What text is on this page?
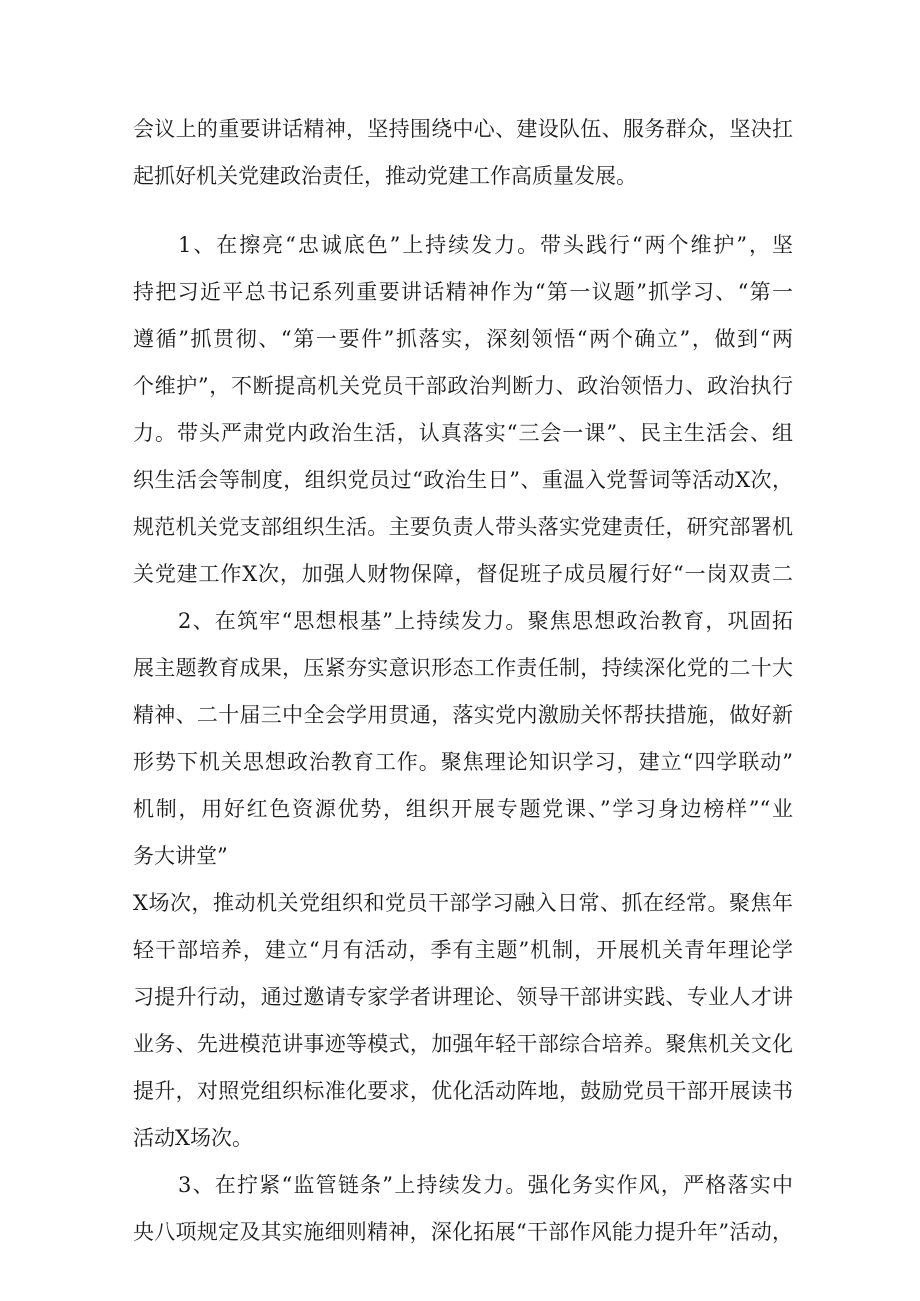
会议上的重要讲话精神，坚持围绕中心、建设队伍、服务群众，坚决扛

起抓好机关党建政治责任，推动党建工作高质量发展。

1、在擦亮“忠诚底色”上持续发力。带头践行“两个维护”，坚

持把习近平总书记系列重要讲话精神作为“第一议题”抓学习、“第一

遵循”抓贯彻、“第一要件”抓落实，深刻领悟“两个确立”，做到“两

个维护”，不断提高机关党员干部政治判断力、政治领悟力、政治执行

力。带头严肃党内政治生活，认真落实“三会一课”、民主生活会、组

织生活会等制度，组织党员过“政治生日”、重温入党誓词等活动X次，

规范机关党支部组织生活。主要负责人带头落实党建责任，研究部署机

关党建工作X次，加强人财物保障，督促班子成员履行好“一岗双责二

2、在筑牢“思想根基”上持续发力。聚焦思想政治教育，巩固拓

展主题教育成果，压紧夯实意识形态工作责任制，持续深化党的二十大

精神、二十届三中全会学用贯通，落实党内激励关怀帮扶措施，做好新

形势下机关思想政治教育工作。聚焦理论知识学习，建立“四学联动”

机制，用好红色资源优势，组织开展专题党课、”学习身边榜样”“业

务大讲堂”

X场次，推动机关党组织和党员干部学习融入日常、抓在经常。聚焦年

轻干部培养，建立“月有活动，季有主题”机制，开展机关青年理论学

习提升行动，通过邀请专家学者讲理论、领导干部讲实践、专业人才讲

业务、先进模范讲事迹等模式，加强年轻干部综合培养。聚焦机关文化

提升，对照党组织标准化要求，优化活动阵地，鼓励党员干部开展读书

活动X场次。

3、在拧紧“监管链条”上持续发力。强化务实作风，严格落实中

央八项规定及其实施细则精神，深化拓展“干部作风能力提升年”活动，
